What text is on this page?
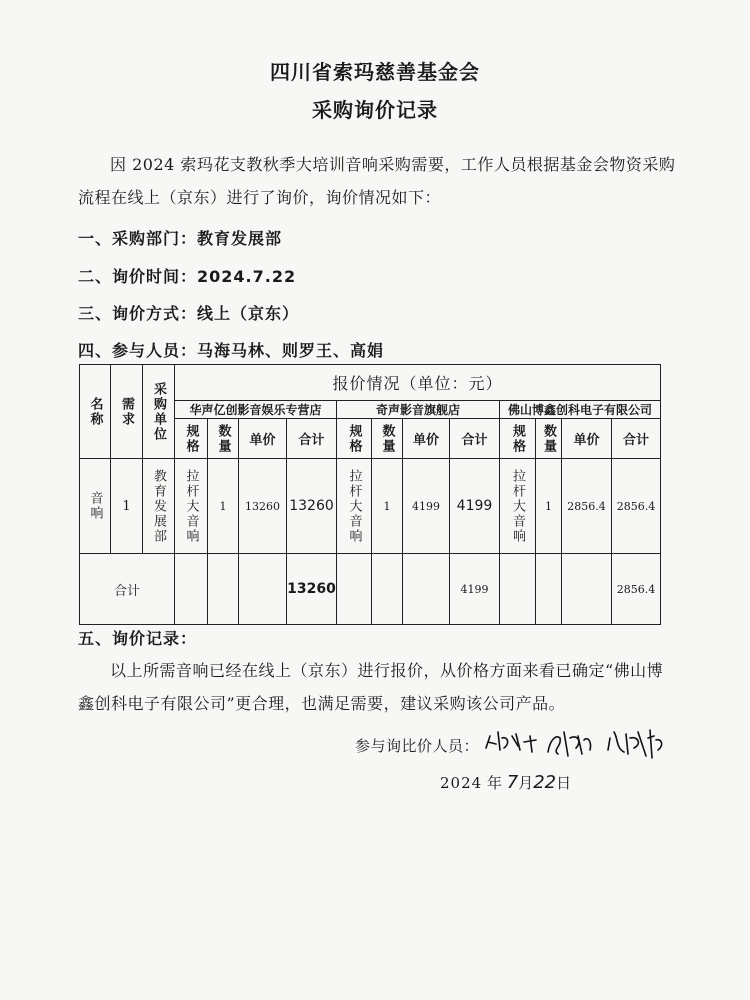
四川省索玛慈善基金会
采购询价记录
因 2024 索玛花支教秋季大培训音响采购需要，工作人员根据基金会物资采购流程在线上（京东）进行了询价，询价情况如下：
一、采购部门：教育发展部
二、询价时间：2024.7.22
三、询价方式：线上（京东）
四、参与人员：马海马林、则罗王、高娟
名称	需求	采购单位	报价情况（单位：元）											
			华声亿创影音娱乐专营店				奇声影音旗舰店				佛山博鑫创科电子有限公司			

			规格	数量	单价	合计	规格	数量	单价	合计	规格	数量	单价	合计

音响	1	教育发展部	拉杆大音响	1	13260	13260	拉杆大音响	1	4199	4199	拉杆大音响	1	2856.4	2856.4
合计						13260				4199				2856.4
五、询价记录：
以上所需音响已经在线上（京东）进行报价，从价格方面来看已确定“佛山博鑫创科电子有限公司”更合理，也满足需要，建议采购该公司产品。
参与询比价人员：
2024 年 7月22日
